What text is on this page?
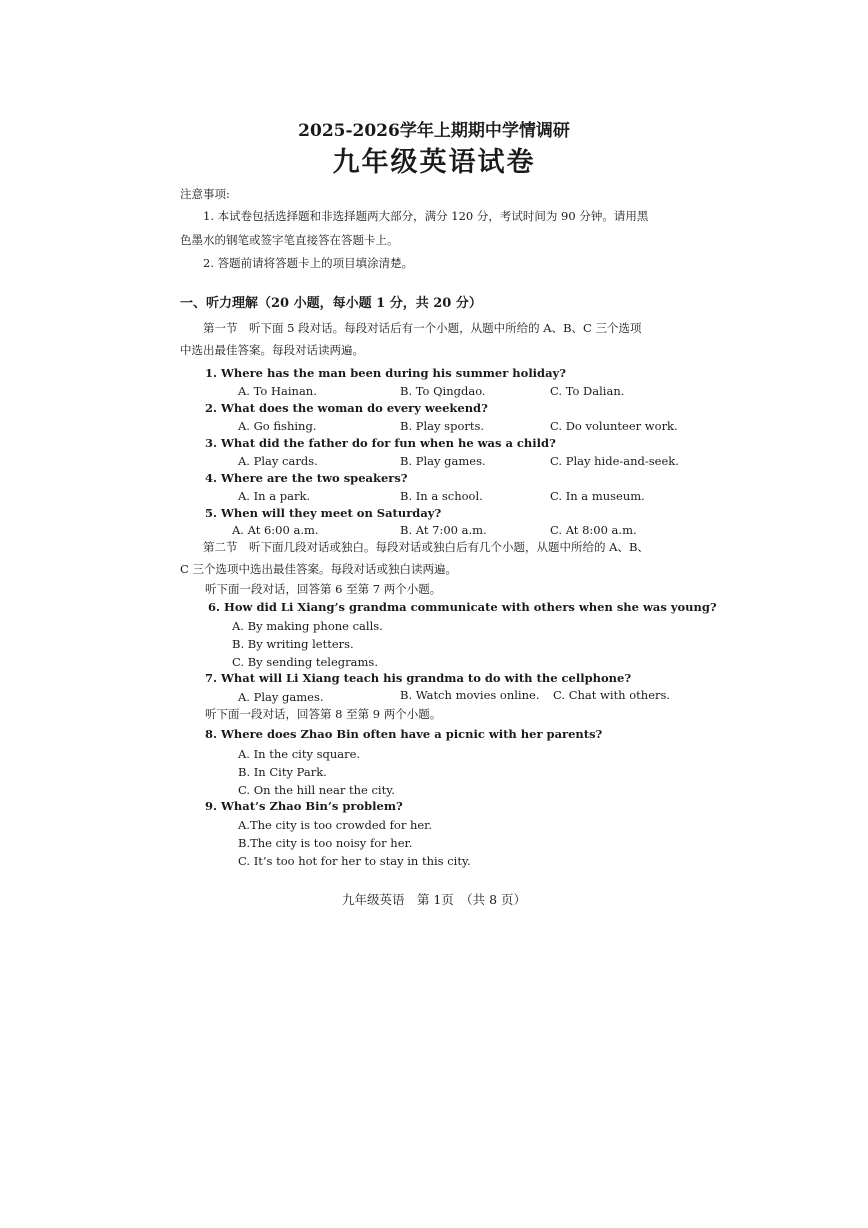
2025-2026学年上期期中学情调研
九年级英语试卷
注意事项:
1. 本试卷包括选择题和非选择题两大部分，满分 120 分，考试时间为 90 分钟。请用黑
色墨水的钢笔或签字笔直接答在答题卡上。
2. 答题前请将答题卡上的项目填涂清楚。
一、听力理解（20 小题，每小题 1 分，共 20 分）
第一节　听下面 5 段对话。每段对话后有一个小题，从题中所给的 A、B、C 三个选项
中选出最佳答案。每段对话读两遍。
1. Where has the man been during his summer holiday?
A. To Hainan.	B. To Qingdao.	C. To Dalian.
2. What does the woman do every weekend?
A. Go fishing.	B. Play sports.	C. Do volunteer work.
3. What did the father do for fun when he was a child?
A. Play cards.	B. Play games.	C. Play hide-and-seek.
4. Where are the two speakers?
A. In a park.	B. In a school.	C. In a museum.
5. When will they meet on Saturday?
A. At 6:00 a.m.	B. At 7:00 a.m.	C. At 8:00 a.m.
第二节　听下面几段对话或独白。每段对话或独白后有几个小题，从题中所给的 A、B、
C 三个选项中选出最佳答案。每段对话或独白读两遍。
听下面一段对话，回答第 6 至第 7 两个小题。
6. How did Li Xiang’s grandma communicate with others when she was young?
A. By making phone calls.
B. By writing letters.
C. By sending telegrams.
7. What will Li Xiang teach his grandma to do with the cellphone?
A. Play games.	B. Watch movies online. C. Chat with others.
听下面一段对话，回答第 8 至第 9 两个小题。
8. Where does Zhao Bin often have a picnic with her parents?
A. In the city square.
B. In City Park.
C. On the hill near the city.
9. What’s Zhao Bin’s problem?
A.The city is too crowded for her.
B.The city is too noisy for her.
C. It’s too hot for her to stay in this city.
九年级英语　第 1页　（共 8 页）
